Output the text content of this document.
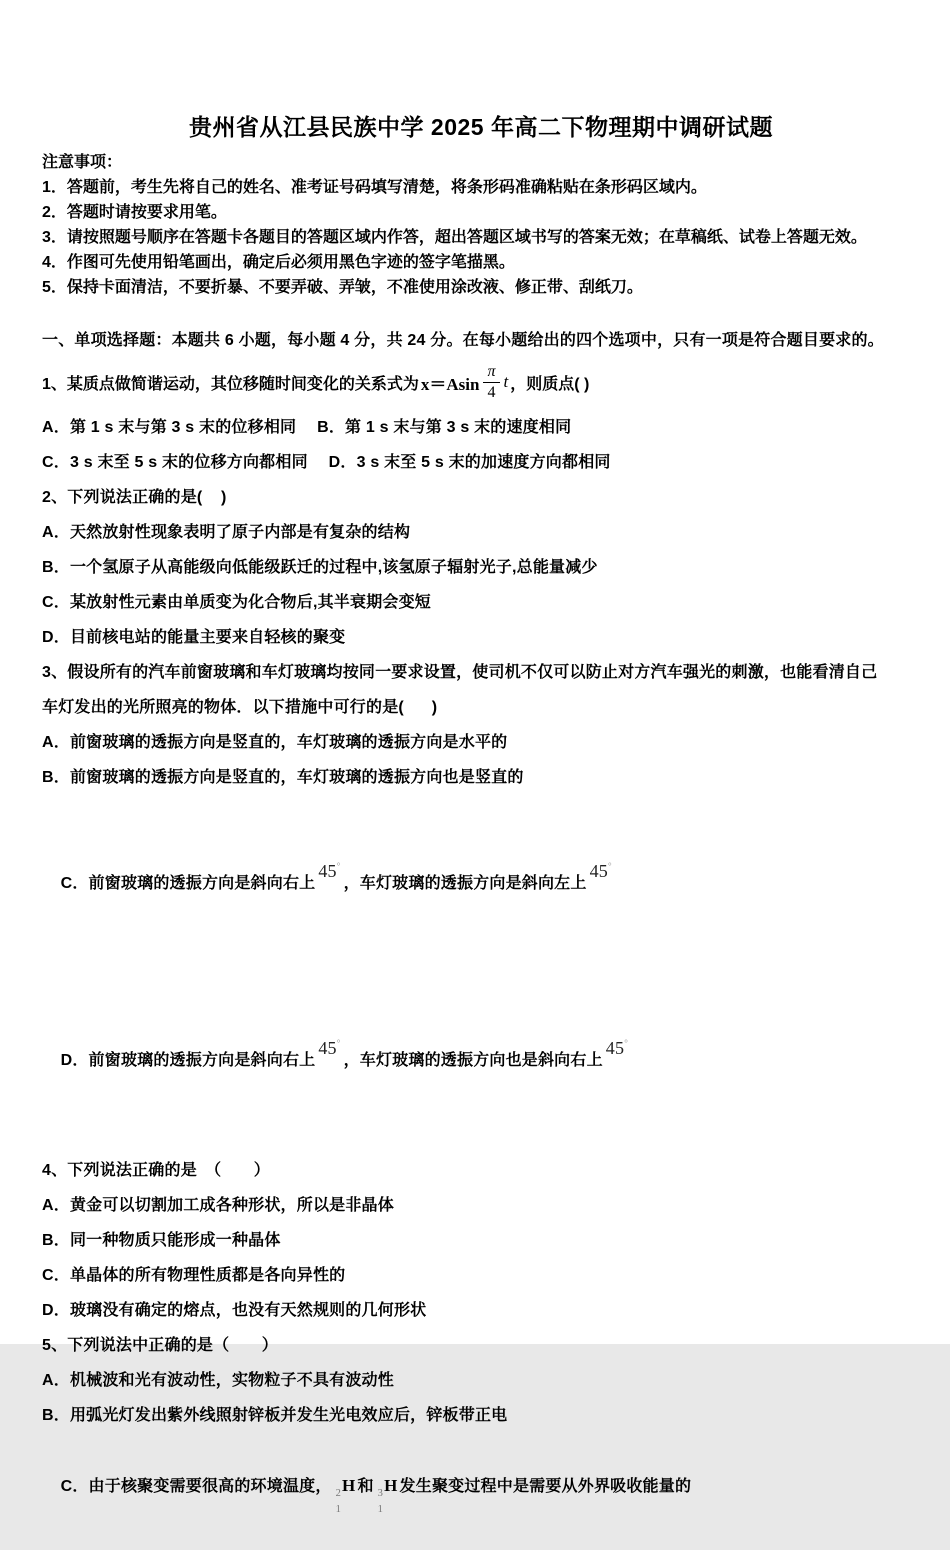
贵州省从江县民族中学 2025 年高二下物理期中调研试题
注意事项：
1．答题前，考生先将自己的姓名、准考证号码填写清楚，将条形码准确粘贴在条形码区域内。
2．答题时请按要求用笔。
3．请按照题号顺序在答题卡各题目的答题区域内作答，超出答题区域书写的答案无效；在草稿纸、试卷上答题无效。
4．作图可先使用铅笔画出，确定后必须用黑色字迹的签字笔描黑。
5．保持卡面清洁，不要折暴、不要弄破、弄皱，不准使用涂改液、修正带、刮纸刀。
一、单项选择题：本题共 6 小题，每小题 4 分，共 24 分。在每小题给出的四个选项中，只有一项是符合题目要求的。
1、某质点做简谐运动，其位移随时间变化的关系式为 $x=Asin \frac{\pi}{4}$ t ，则质点( )
A．第 1 s 末与第 3 s 末的位移相同　 B．第 1 s 末与第 3 s 末的速度相同
C．3 s 末至 5 s 末的位移方向都相同　 D．3 s 末至 5 s 末的加速度方向都相同
2、下列说法正确的是(    )
A．天然放射性现象表明了原子内部是有复杂的结构
B．一个氢原子从高能级向低能级跃迁的过程中,该氢原子辐射光子,总能量减少
C．某放射性元素由单质变为化合物后,其半衰期会变短
D．目前核电站的能量主要来自轻核的聚变
3、假设所有的汽车前窗玻璃和车灯玻璃均按同一要求设置，使司机不仅可以防止对方汽车强光的刺激，也能看清自己
车灯发出的光所照亮的物体．以下措施中可行的是(      )
A．前窗玻璃的透振方向是竖直的，车灯玻璃的透振方向是水平的
B．前窗玻璃的透振方向是竖直的，车灯玻璃的透振方向也是竖直的

C．前窗玻璃的透振方向是斜向右上45°，车灯玻璃的透振方向是斜向左上45°

D．前窗玻璃的透振方向是斜向右上45°，车灯玻璃的透振方向也是斜向右上45°

4、下列说法正确的是　（　　）
A．黄金可以切割加工成各种形状，所以是非晶体
B．同一种物质只能形成一种晶体
C．单晶体的所有物理性质都是各向异性的
D．玻璃没有确定的熔点，也没有天然规则的几何形状
5、下列说法中正确的是（　　）
A．机械波和光有波动性，实物粒子不具有波动性
B．用弧光灯发出紫外线照射锌板并发生光电效应后，锌板带正电

C．由于核聚变需要很高的环境温度， 2
1
H 和 3
1
H 发生聚变过程中是需要从外界吸收能量的
